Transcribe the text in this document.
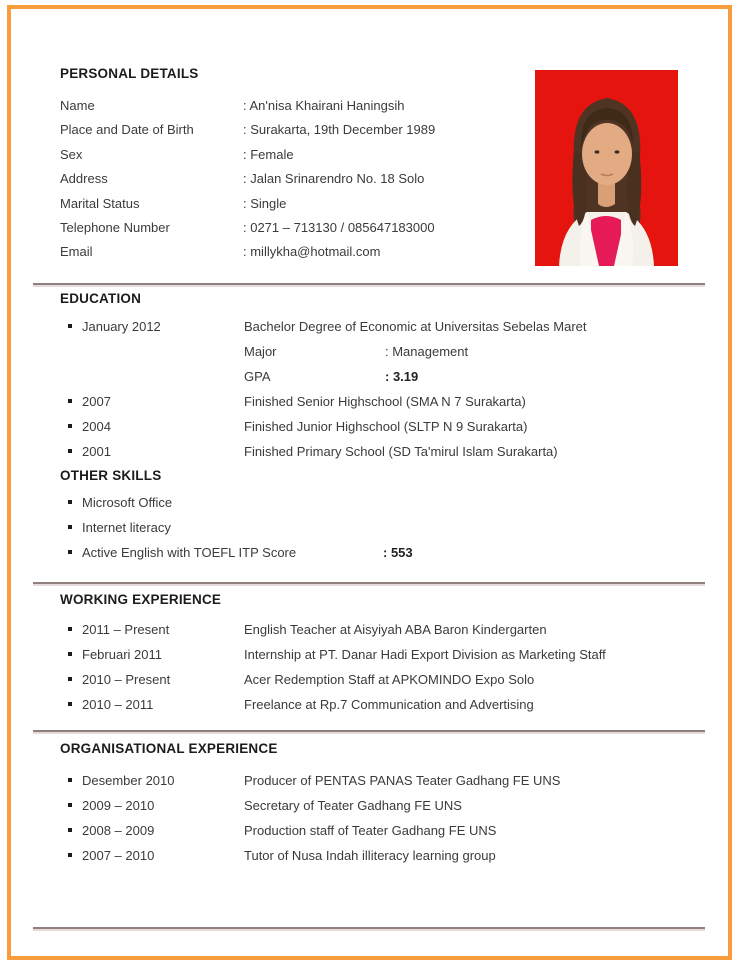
PERSONAL DETAILS
Name	: An'nisa Khairani Haningsih
Place and Date of Birth	: Surakarta, 19th December 1989
Sex	: Female
Address	: Jalan Srinarendro No. 18 Solo
Marital Status	: Single
Telephone Number	: 0271 – 713130 / 085647183000
Email	: millykha@hotmail.com
EDUCATION
January 2012	Bachelor Degree of Economic at Universitas Sebelas Maret
Major	: Management
GPA	: 3.19
2007	Finished Senior Highschool (SMA N 7 Surakarta)
2004	Finished Junior Highschool (SLTP N 9 Surakarta)
2001	Finished Primary School (SD Ta'mirul Islam Surakarta)
OTHER SKILLS
Microsoft Office
Internet literacy
Active English with TOEFL ITP Score	: 553
WORKING EXPERIENCE
2011 – Present	English Teacher at Aisyiyah ABA Baron Kindergarten
Februari 2011	Internship at PT. Danar Hadi Export Division as Marketing Staff
2010 – Present	Acer Redemption Staff at APKOMINDO Expo Solo
2010 – 2011	Freelance at Rp.7 Communication and Advertising
ORGANISATIONAL EXPERIENCE
Desember 2010	Producer of PENTAS PANAS Teater Gadhang FE UNS
2009 – 2010	Secretary of Teater Gadhang FE UNS
2008 – 2009	Production staff of Teater Gadhang FE UNS
2007 – 2010	Tutor of Nusa Indah illiteracy learning group
